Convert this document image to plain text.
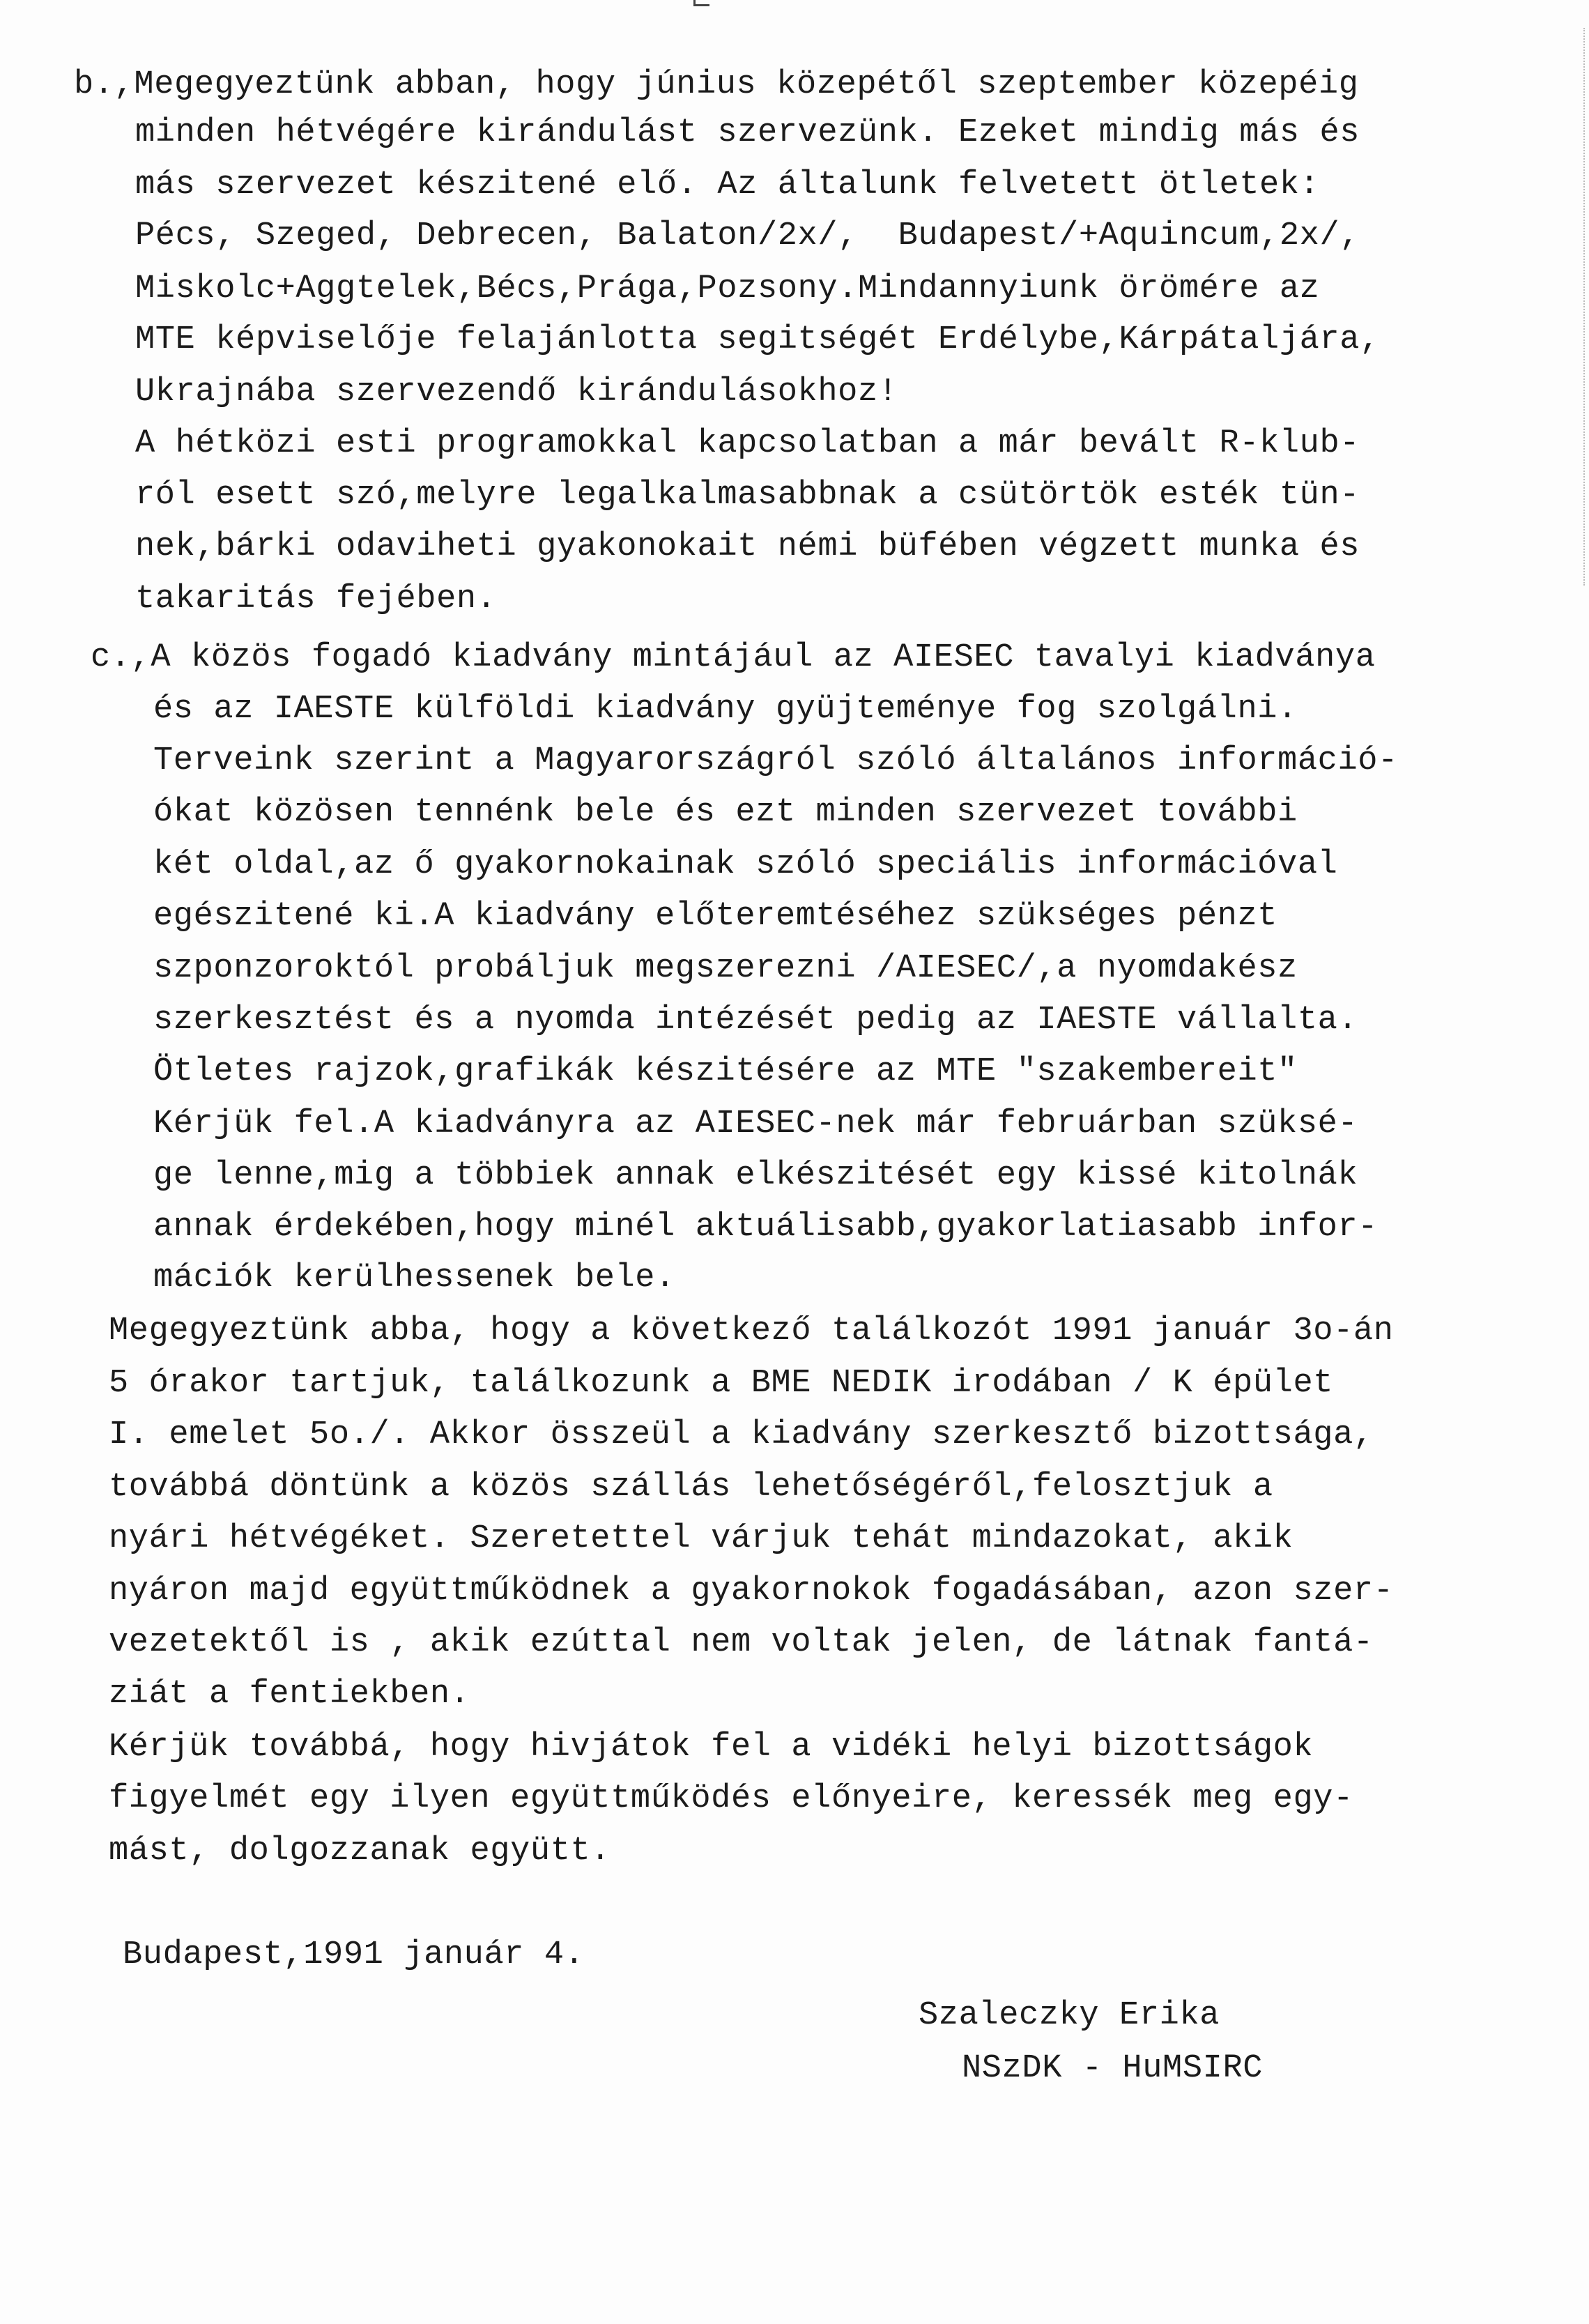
b.,Megegyeztünk abban, hogy június közepétől szeptember közepéig
minden hétvégére kirándulást szervezünk. Ezeket mindig más és
más szervezet készitené elő. Az általunk felvetett ötletek:
Pécs, Szeged, Debrecen, Balaton/2x/,  Budapest/+Aquincum,2x/,
Miskolc+Aggtelek,Bécs,Prága,Pozsony.Mindannyiunk örömére az
MTE képviselője felajánlotta segitségét Erdélybe,Kárpátaljára,
Ukrajnába szervezendő kirándulásokhoz!
A hétközi esti programokkal kapcsolatban a már bevált R-klub-
ról esett szó,melyre legalkalmasabbnak a csütörtök esték tün-
nek,bárki odaviheti gyakonokait némi büfében végzett munka és
takaritás fejében.
c.,A közös fogadó kiadvány mintájául az AIESEC tavalyi kiadványa
és az IAESTE külföldi kiadvány gyüjteménye fog szolgálni.
Terveink szerint a Magyarországról szóló általános információ-
ókat közösen tennénk bele és ezt minden szervezet további
két oldal,az ő gyakornokainak szóló speciális információval
egészitené ki.A kiadvány előteremtéséhez szükséges pénzt
szponzoroktól probáljuk megszerezni /AIESEC/,a nyomdakész
szerkesztést és a nyomda intézését pedig az IAESTE vállalta.
Ötletes rajzok,grafikák készitésére az MTE "szakembereit"
Kérjük fel.A kiadványra az AIESEC-nek már februárban szüksé-
ge lenne,mig a többiek annak elkészitését egy kissé kitolnák
annak érdekében,hogy minél aktuálisabb,gyakorlatiasabb infor-
mációk kerülhessenek bele.
Megegyeztünk abba, hogy a következő találkozót 1991 január 3o-án
5 órakor tartjuk, találkozunk a BME NEDIK irodában / K épület
I. emelet 5o./. Akkor összeül a kiadvány szerkesztő bizottsága,
továbbá döntünk a közös szállás lehetőségéről,felosztjuk a
nyári hétvégéket. Szeretettel várjuk tehát mindazokat, akik
nyáron majd együttműködnek a gyakornokok fogadásában, azon szer-
vezetektől is , akik ezúttal nem voltak jelen, de látnak fantá-
ziát a fentiekben.
Kérjük továbbá, hogy hivjátok fel a vidéki helyi bizottságok
figyelmét egy ilyen együttműködés előnyeire, keressék meg egy-
mást, dolgozzanak együtt.
Budapest,1991 január 4.
Szaleczky Erika
NSzDK - HuMSIRC
